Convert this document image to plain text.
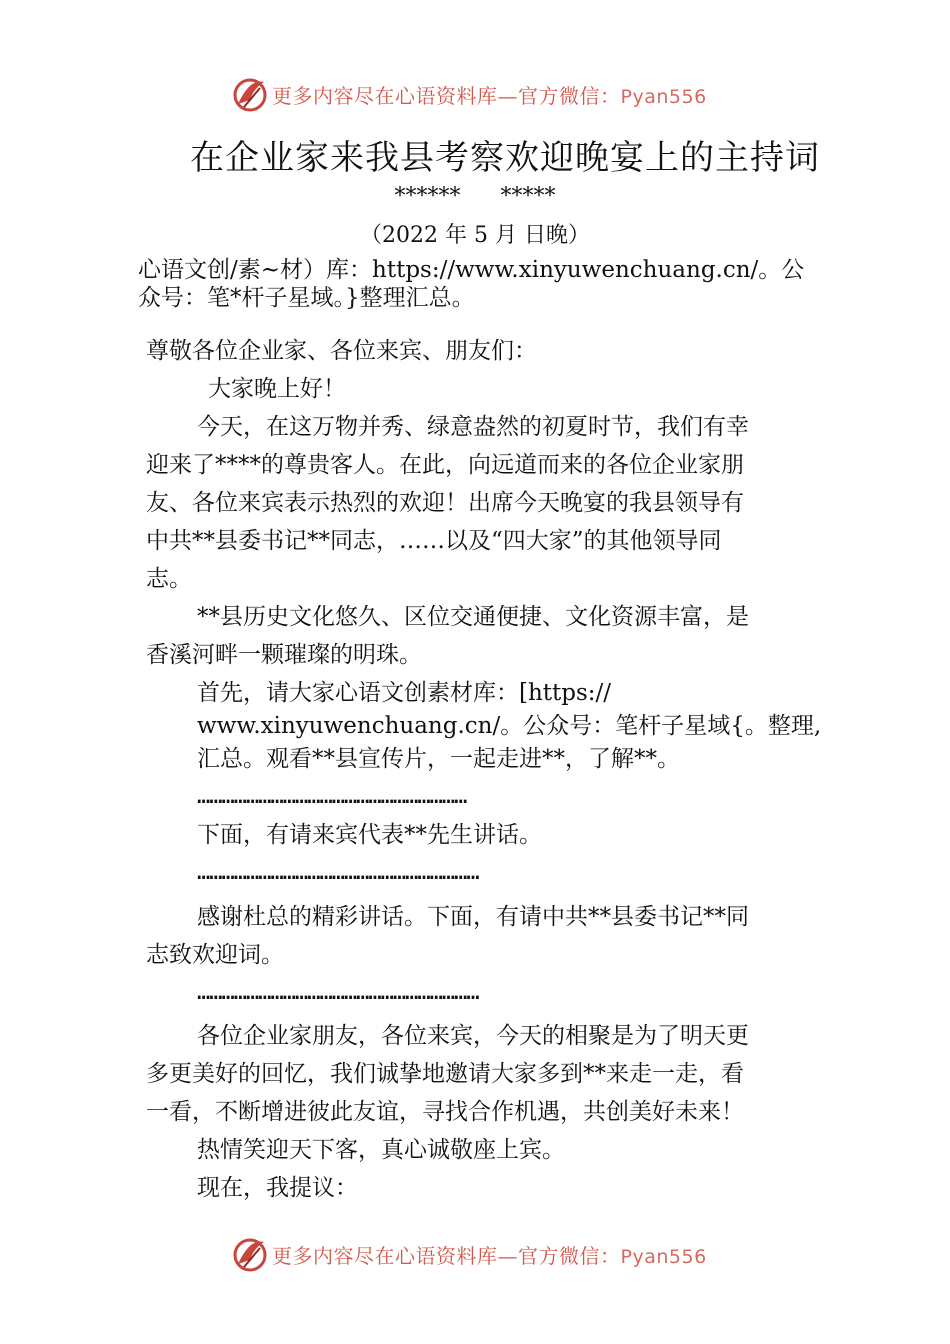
更多内容尽在心语资料库—官方微信：Pyan556
在企业家来我县考察欢迎晚宴上的主持词
****** *****
（2022 年 5 月 日晚）
心语文创/素~材）库：https://www.xinyuwenchuang.cn/。公
众号：笔*杆子星域。}整理汇总。
尊敬各位企业家、各位来宾、朋友们：
大家晚上好！
今天，在这万物并秀、绿意盎然的初夏时节，我们有幸
迎来了****的尊贵客人。在此，向远道而来的各位企业家朋
友、各位来宾表示热烈的欢迎！出席今天晚宴的我县领导有
中共**县委书记**同志，……以及“四大家”的其他领导同
志。
**县历史文化悠久、区位交通便捷、文化资源丰富，是
香溪河畔一颗璀璨的明珠。
首先，请大家心语文创素材库：[https://
www.xinyuwenchuang.cn/。公众号：笔杆子星域{。整理,
汇总。观看**县宣传片，一起走进**，了解**。
…………………………………………………………
下面，有请来宾代表**先生讲话。
……………………………………………………………
感谢杜总的精彩讲话。下面，有请中共**县委书记**同
志致欢迎词。
……………………………………………………………
各位企业家朋友，各位来宾，今天的相聚是为了明天更
多更美好的回忆，我们诚挚地邀请大家多到**来走一走，看
一看，不断增进彼此友谊，寻找合作机遇，共创美好未来！
热情笑迎天下客，真心诚敬座上宾。
现在，我提议：
更多内容尽在心语资料库—官方微信：Pyan556
